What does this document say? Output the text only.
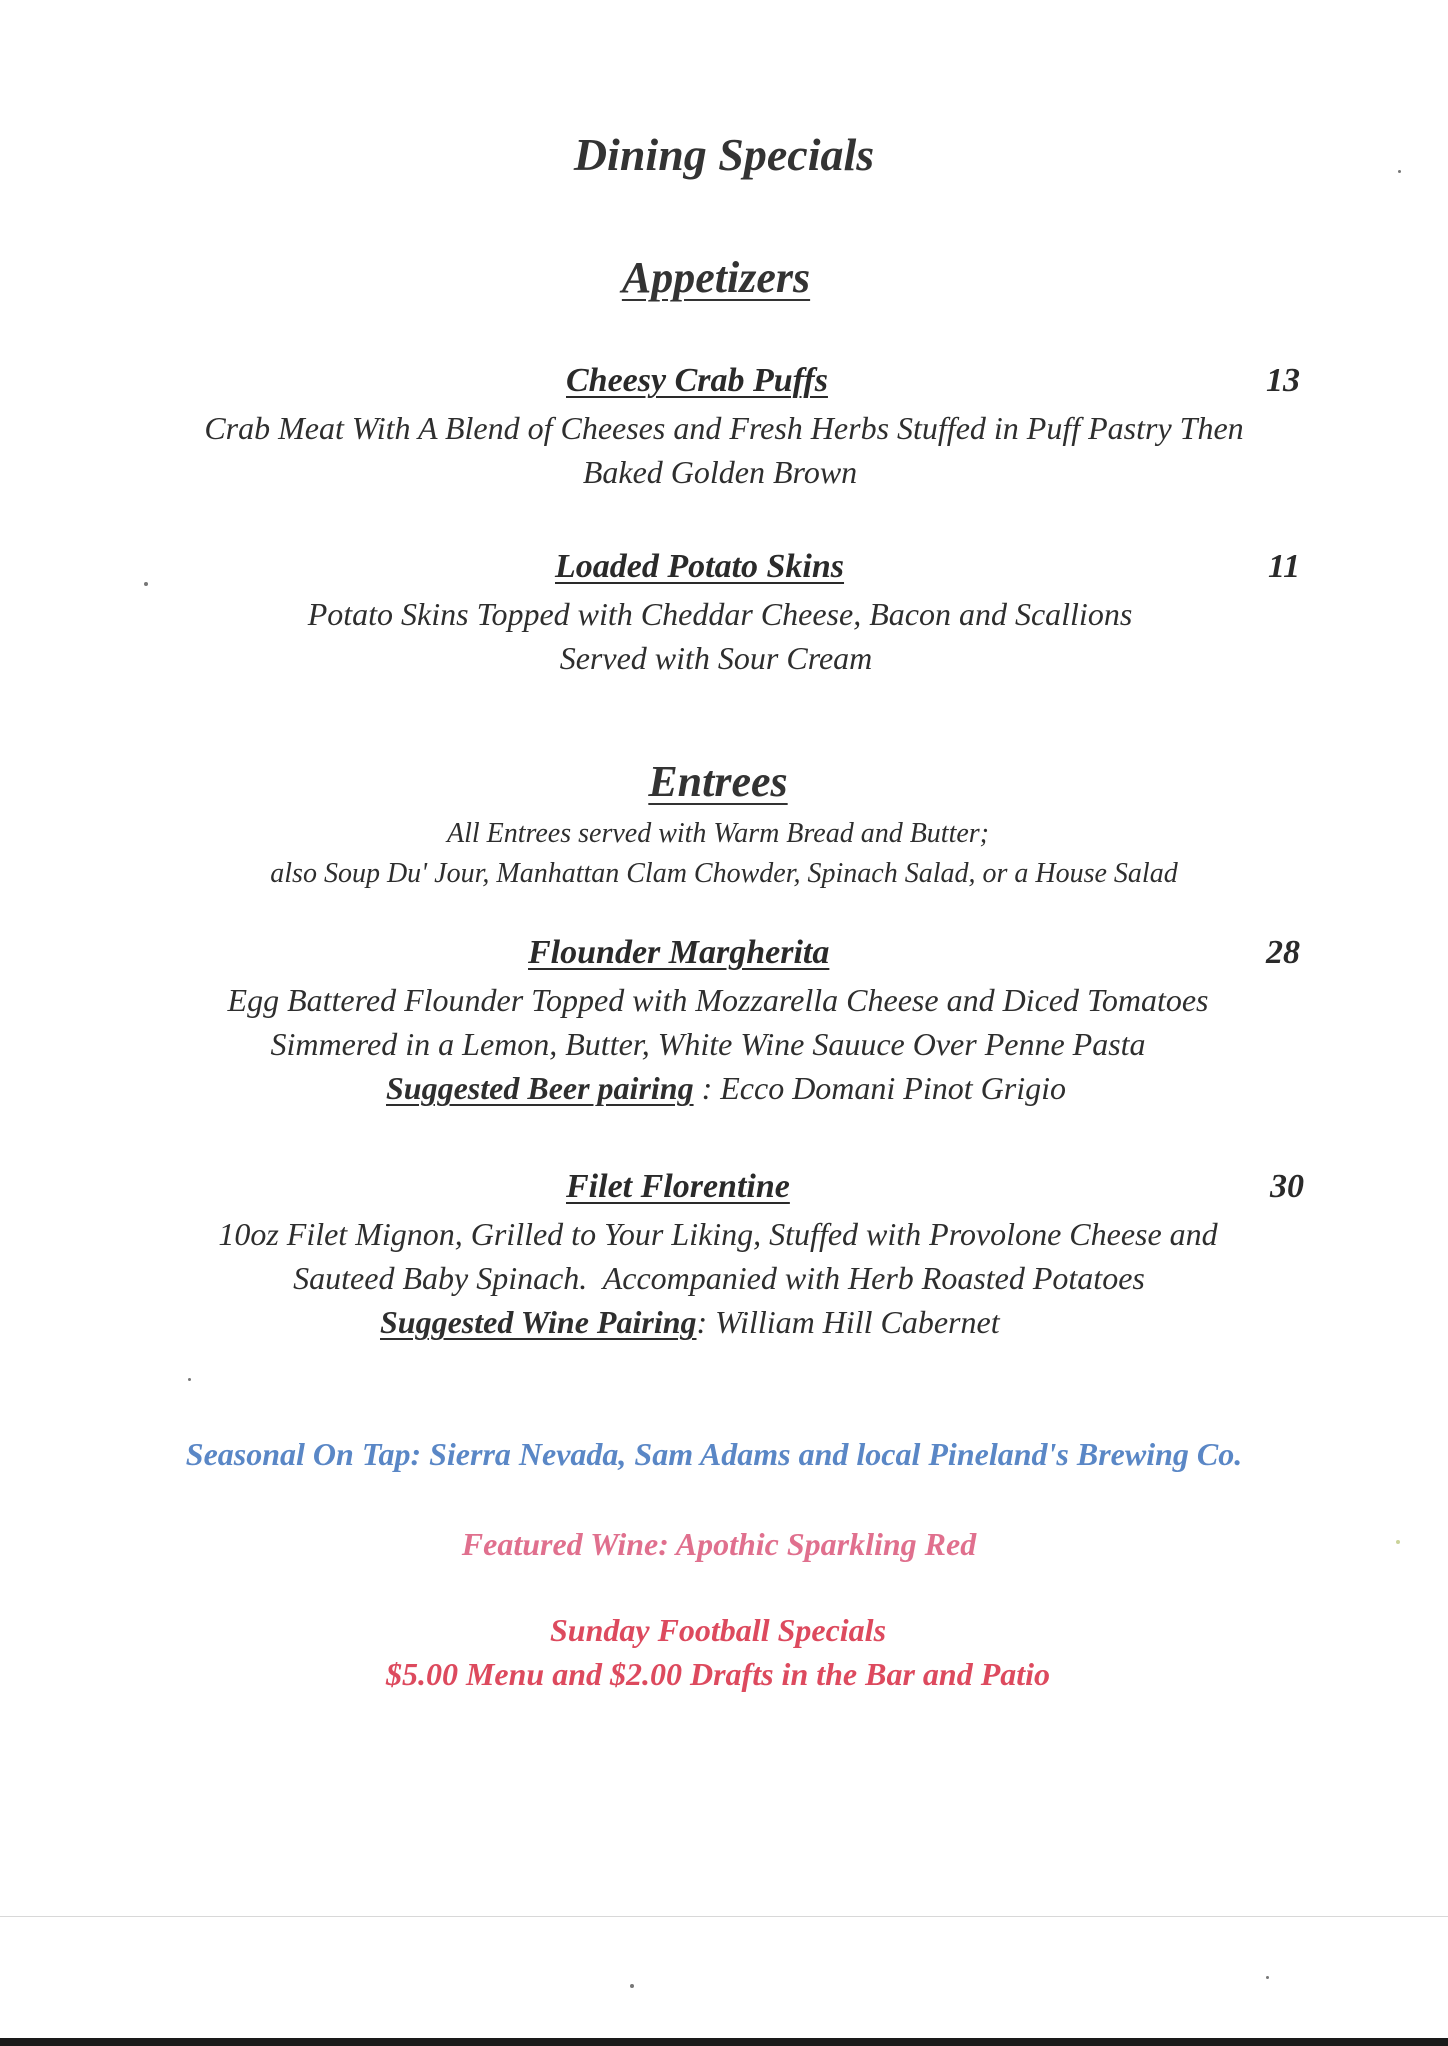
Dining Specials
Appetizers
Cheesy Crab Puffs	13
Crab Meat With A Blend of Cheeses and Fresh Herbs Stuffed in Puff Pastry Then
Baked Golden Brown
Loaded Potato Skins	11
Potato Skins Topped with Cheddar Cheese, Bacon and Scallions
Served with Sour Cream
Entrees
All Entrees served with Warm Bread and Butter;
also Soup Du' Jour, Manhattan Clam Chowder, Spinach Salad, or a House Salad
Flounder Margherita	28
Egg Battered Flounder Topped with Mozzarella Cheese and Diced Tomatoes
Simmered in a Lemon, Butter, White Wine Sauuce Over Penne Pasta
Suggested Beer pairing : Ecco Domani Pinot Grigio
Filet Florentine	30
10oz Filet Mignon, Grilled to Your Liking, Stuffed with Provolone Cheese and
Sauteed Baby Spinach.  Accompanied with Herb Roasted Potatoes
Suggested Wine Pairing: William Hill Cabernet
Seasonal On Tap: Sierra Nevada, Sam Adams and local Pineland's Brewing Co.
Featured Wine: Apothic Sparkling Red
Sunday Football Specials
$5.00 Menu and $2.00 Drafts in the Bar and Patio
